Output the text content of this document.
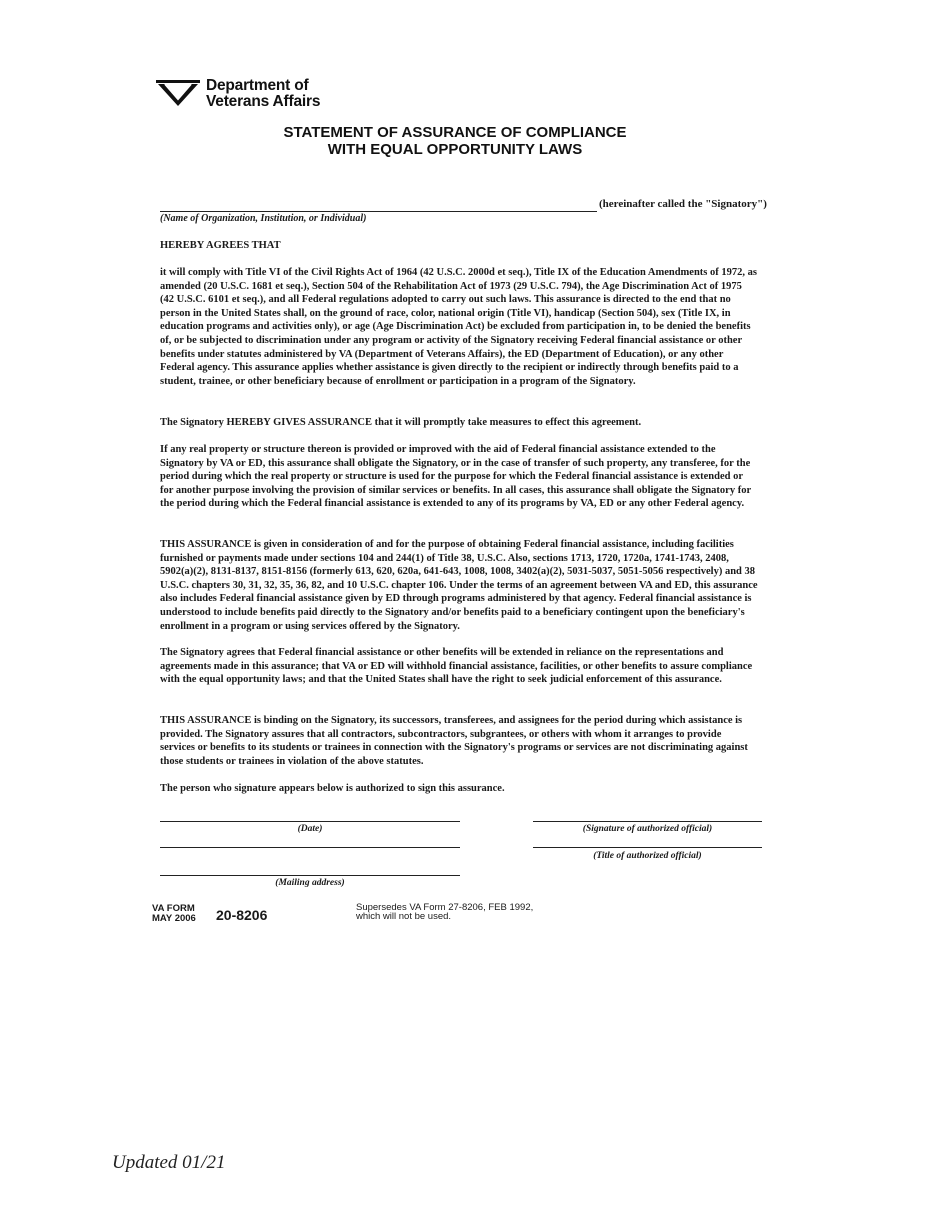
Department of
Veterans Affairs
STATEMENT OF ASSURANCE OF COMPLIANCE
WITH EQUAL OPPORTUNITY LAWS
(hereinafter called the "Signatory")
(Name of Organization, Institution, or Individual)

HEREBY AGREES THAT

it will comply with Title VI of the Civil Rights Act of 1964 (42 U.S.C. 2000d et seq.), Title IX of the Education Amendments of 1972, as amended (20 U.S.C. 1681 et seq.), Section 504 of the Rehabilitation Act of 1973 (29 U.S.C. 794), the Age Discrimination Act of 1975 (42 U.S.C. 6101 et seq.), and all Federal regulations adopted to carry out such laws. This assurance is directed to the end that no person in the United States shall, on the ground of race, color, national origin (Title VI), handicap (Section 504), sex (Title IX, in education programs and activities only), or age (Age Discrimination Act) be excluded from participation in, to be denied the benefits of, or be subjected to discrimination under any program or activity of the Signatory receiving Federal financial assistance or other benefits under statutes administered by VA (Department of Veterans Affairs), the ED (Department of Education), or any other Federal agency. This assurance applies whether assistance is given directly to the recipient or indirectly through benefits paid to a student, trainee, or other beneficiary because of enrollment or participation in a program of the Signatory.

The Signatory HEREBY GIVES ASSURANCE that it will promptly take measures to effect this agreement.

If any real property or structure thereon is provided or improved with the aid of Federal financial assistance extended to the Signatory by VA or ED, this assurance shall obligate the Signatory, or in the case of transfer of such property, any transferee, for the period during which the real property or structure is used for the purpose for which the Federal financial assistance is extended or for another purpose involving the provision of similar services or benefits. In all cases, this assurance shall obligate the Signatory for the period during which the Federal financial assistance is extended to any of its programs by VA, ED or any other Federal agency.

THIS ASSURANCE is given in consideration of and for the purpose of obtaining Federal financial assistance, including facilities furnished or payments made under sections 104 and 244(1) of Title 38, U.S.C. Also, sections 1713, 1720, 1720a, 1741-1743, 2408, 5902(a)(2), 8131-8137, 8151-8156 (formerly 613, 620, 620a, 641-643, 1008, 1008, 3402(a)(2), 5031-5037, 5051-5056 respectively) and 38 U.S.C. chapters 30, 31, 32, 35, 36, 82, and 10 U.S.C. chapter 106. Under the terms of an agreement between VA and ED, this assurance also includes Federal financial assistance given by ED through programs administered by that agency. Federal financial assistance is understood to include benefits paid directly to the Signatory and/or benefits paid to a beneficiary contingent upon the beneficiary's enrollment in a program or using services offered by the Signatory.

The Signatory agrees that Federal financial assistance or other benefits will be extended in reliance on the representations and agreements made in this assurance; that VA or ED will withhold financial assistance, facilities, or other benefits to assure compliance with the equal opportunity laws; and that the United States shall have the right to seek judicial enforcement of this assurance.

THIS ASSURANCE is binding on the Signatory, its successors, transferees, and assignees for the period during which assistance is provided. The Signatory assures that all contractors, subcontractors, subgrantees, or others with whom it arranges to provide services or benefits to its students or trainees in connection with the Signatory's programs or services are not discriminating against those students or trainees in violation of the above statutes.

The person who signature appears below is authorized to sign this assurance.

(Date)	(Signature of authorized official)
(Title of authorized official)
(Mailing address)
VA FORM
MAY 2006 20-8206	Supersedes VA Form 27-8206, FEB 1992, which will not be used.
Updated 01/21
